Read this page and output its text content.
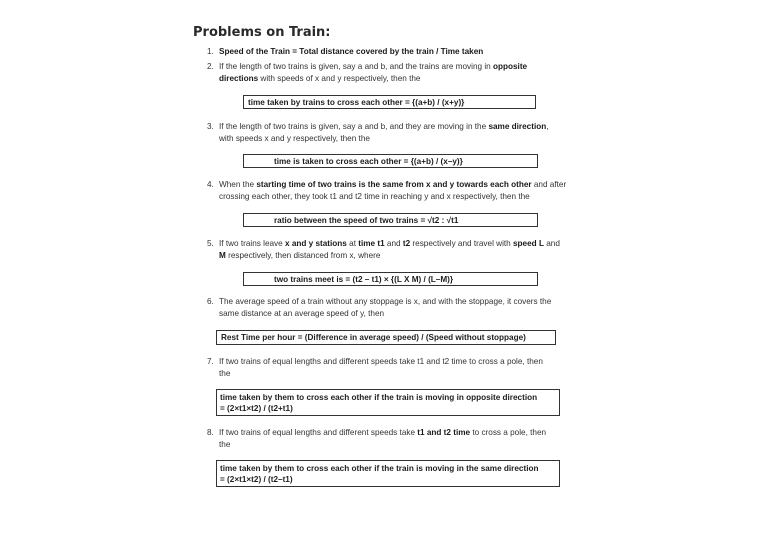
Problems on Train:
1. Speed of the Train = Total distance covered by the train / Time taken
2. If the length of two trains is given, say a and b, and the trains are moving in opposite
directions with speeds of x and y respectively, then the
time taken by trains to cross each other = {(a+b) / (x+y)}
3. If the length of two trains is given, say a and b, and they are moving in the same direction,
with speeds x and y respectively, then the
time is taken to cross each other = {(a+b) / (x–y)}
4. When the starting time of two trains is the same from x and y towards each other and after
crossing each other, they took t1 and t2 time in reaching y and x respectively, then the
ratio between the speed of two trains = √t2 : √t1
5. If two trains leave x and y stations at time t1 and t2 respectively and travel with speed L and
M respectively, then distanced from x, where
two trains meet is = (t2 – t1) × {(L X M) / (L–M)}
6. The average speed of a train without any stoppage is x, and with the stoppage, it covers the
same distance at an average speed of y, then
Rest Time per hour = (Difference in average speed) / (Speed without stoppage)
7. If two trains of equal lengths and different speeds take t1 and t2 time to cross a pole, then
the
time taken by them to cross each other if the train is moving in opposite direction
= (2×t1×t2) / (t2+t1)
8. If two trains of equal lengths and different speeds take t1 and t2 time to cross a pole, then
the
time taken by them to cross each other if the train is moving in the same direction
= (2×t1×t2) / (t2–t1)
